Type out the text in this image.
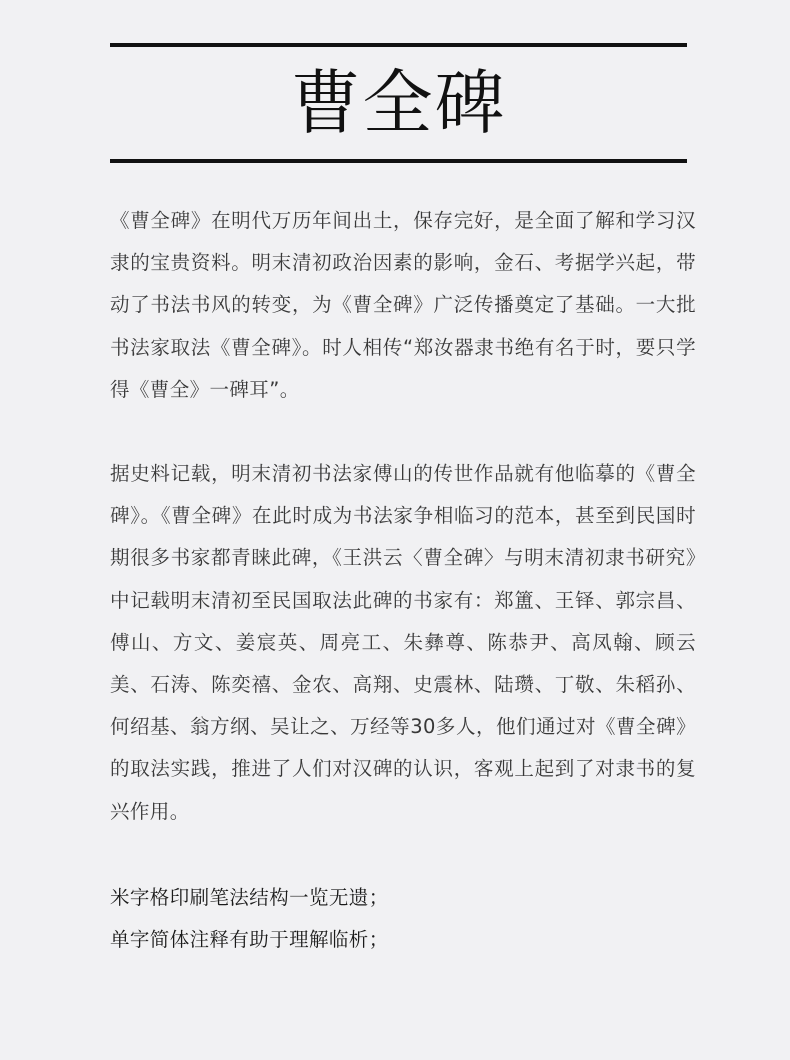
曹全碑

《曹全碑》在明代万历年间出土，保存完好，是全面了解和学习汉隶的宝贵资料。明末清初政治因素的影响，金石、考据学兴起，带动了书法书风的转变，为《曹全碑》广泛传播奠定了基础。一大批书法家取法《曹全碑》。时人相传“郑汝器隶书绝有名于时，要只学得《曹全》一碑耳”。

据史料记载，明末清初书法家傅山的传世作品就有他临摹的《曹全碑》。《曹全碑》在此时成为书法家争相临习的范本，甚至到民国时期很多书家都青睐此碑，《王洪云〈曹全碑〉与明末清初隶书研究》中记载明末清初至民国取法此碑的书家有：郑簠、王铎、郭宗昌、傅山、方文、姜宸英、周亮工、朱彝尊、陈恭尹、高凤翰、顾云美、石涛、陈奕禧、金农、高翔、史震林、陆瓒、丁敬、朱稻孙、何绍基、翁方纲、吴让之、万经等30多人，他们通过对《曹全碑》的取法实践，推进了人们对汉碑的认识，客观上起到了对隶书的复兴作用。

米字格印刷笔法结构一览无遗；

单字简体注释有助于理解临析；
